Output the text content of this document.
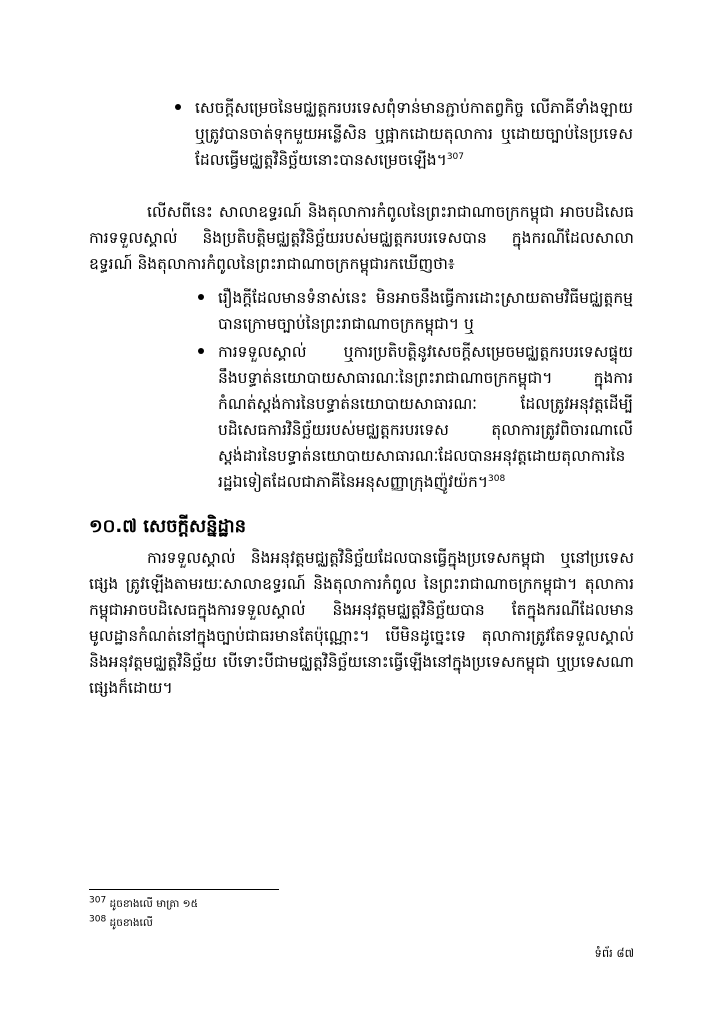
សេចក្តីសម្រេចនៃមជ្ឈត្តករបរទេសពុំទាន់មានភ្ជាប់កាតព្វកិច្ច លើភាគីទាំងឡាយ ឬត្រូវបានចាត់ទុកមួយអន្លើសិន ឬផ្អាកដោយតុលាការ ឬដោយច្បាប់នៃប្រទេសដែលធ្វើមជ្ឈត្តវិនិច្ឆ័យនោះបានសម្រេចឡើង។$^{307}$

លើសពីនេះ សាលាឧទ្ធរណ៍ និងតុលាការកំពូលនៃព្រះរាជាណាចក្រកម្ពុជា អាចបដិសេធការទទួលស្គាល់ និងប្រតិបត្តិមជ្ឈត្តវិនិច្ឆ័យរបស់មជ្ឈត្តករបរទេសបាន ក្នុងករណីដែលសាលាឧទ្ធរណ៍ និងតុលាការកំពូលនៃព្រះរាជាណាចក្រកម្ពុជារកឃើញថា៖

រឿងក្តីដែលមានទំនាស់នេះ មិនអាចនឹងធ្វើការដោះស្រាយតាមវិធីមជ្ឈត្តកម្មបានក្រោមច្បាប់នៃព្រះរាជាណាចក្រកម្ពុជា។ ឬ
ការទទួលស្គាល់ ឬការប្រតិបត្តិនូវសេចក្តីសម្រេចមជ្ឈត្តករបរទេសផ្ទុយនឹងបទ្ធាត់នយោបាយសាធារណៈនៃព្រះរាជាណាចក្រកម្ពុជា។ ក្នុងការកំណត់ស្តង់ការនៃបទ្ធាត់នយោបាយសាធារណៈ ដែលត្រូវអនុវត្តដើម្បីបដិសេធការវិនិច្ឆ័យរបស់មជ្ឈត្តករបរទេស តុលាការត្រូវពិចារណាលើស្តង់ដារនៃបទ្ធាត់នយោបាយសាធារណៈដែលបានអនុវត្តដោយតុលាការនៃរដ្ឋឯទៀតដែលជាភាគីនៃអនុសញ្ញាក្រុងញ៉ូវយ៉ក។$^{308}$
១០.៧ សេចក្តីសន្និដ្ឋាន

ការទទួលស្គាល់ និងអនុវត្តមជ្ឈត្តវិនិច្ឆ័យដែលបានធ្វើក្នុងប្រទេសកម្ពុជា ឬនៅប្រទេសផ្សេង ត្រូវឡើងតាមរយៈសាលាឧទ្ធរណ៍ និងតុលាការកំពូល នៃព្រះរាជាណាចក្រកម្ពុជា។ តុលាការកម្ពុជាអាចបដិសេធក្នុងការទទួលស្គាល់ និងអនុវត្តមជ្ឈត្តវិនិច្ឆ័យបាន តែក្នុងករណីដែលមានមូលដ្ឋានកំណត់នៅក្នុងច្បាប់ជាធរមានតែប៉ុណ្ណោះ។ បើមិនដូច្នេះទេ តុលាការត្រូវតែទទួលស្គាល់ និងអនុវត្តមជ្ឈត្តវិនិច្ឆ័យ បើទោះបីជាមជ្ឈត្តវិនិច្ឆ័យនោះធ្វើឡើងនៅក្នុងប្រទេសកម្ពុជា ឬប្រទេសណាផ្សេងក៏ដោយ។

307 ដូចខាងលើ មាត្រា ១៥
308 ដូចខាងលើ
ទំព័រ ៨៧
